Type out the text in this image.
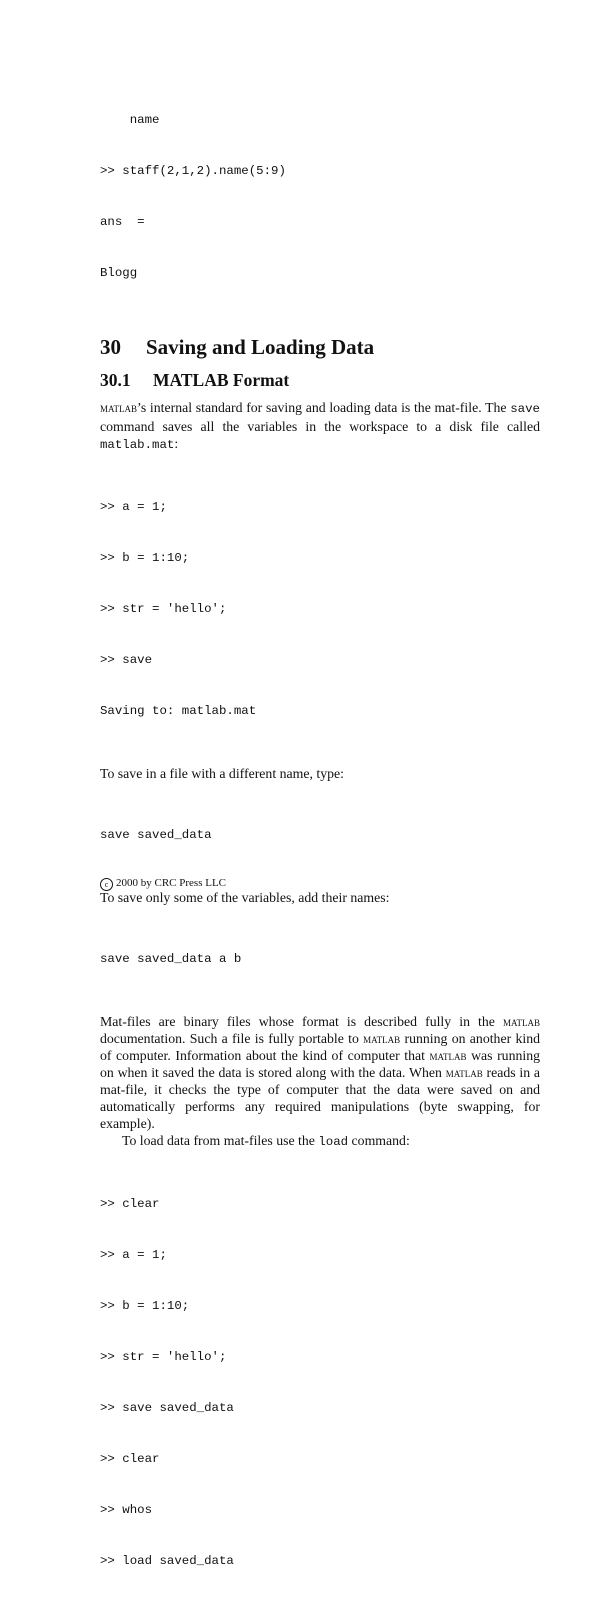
name

>> staff(2,1,2).name(5:9)

ans  =

Blogg

30 Saving and Loading Data
30.1 MATLAB Format

matlab’s internal standard for saving and loading data is the mat-file. The save command saves all the variables in the workspace to a disk file called matlab.mat:

>> a = 1;

>> b = 1:10;

>> str = 'hello';

>> save

Saving to: matlab.mat

To save in a file with a different name, type:

save saved_data

To save only some of the variables, add their names:

save saved_data a b

Mat-files are binary files whose format is described fully in the matlab documentation. Such a file is fully portable to matlab running on another kind of computer. Information about the kind of computer that matlab was running on when it saved the data is stored along with the data. When matlab reads in a mat-file, it checks the type of computer that the data were saved on and automatically performs any required manipulations (byte swapping, for example).

To load data from mat-files use the load command:

>> clear

>> a = 1;

>> b = 1:10;

>> str = 'hello';

>> save saved_data

>> clear

>> whos

>> load saved_data

c 2000 by CRC Press LLC
